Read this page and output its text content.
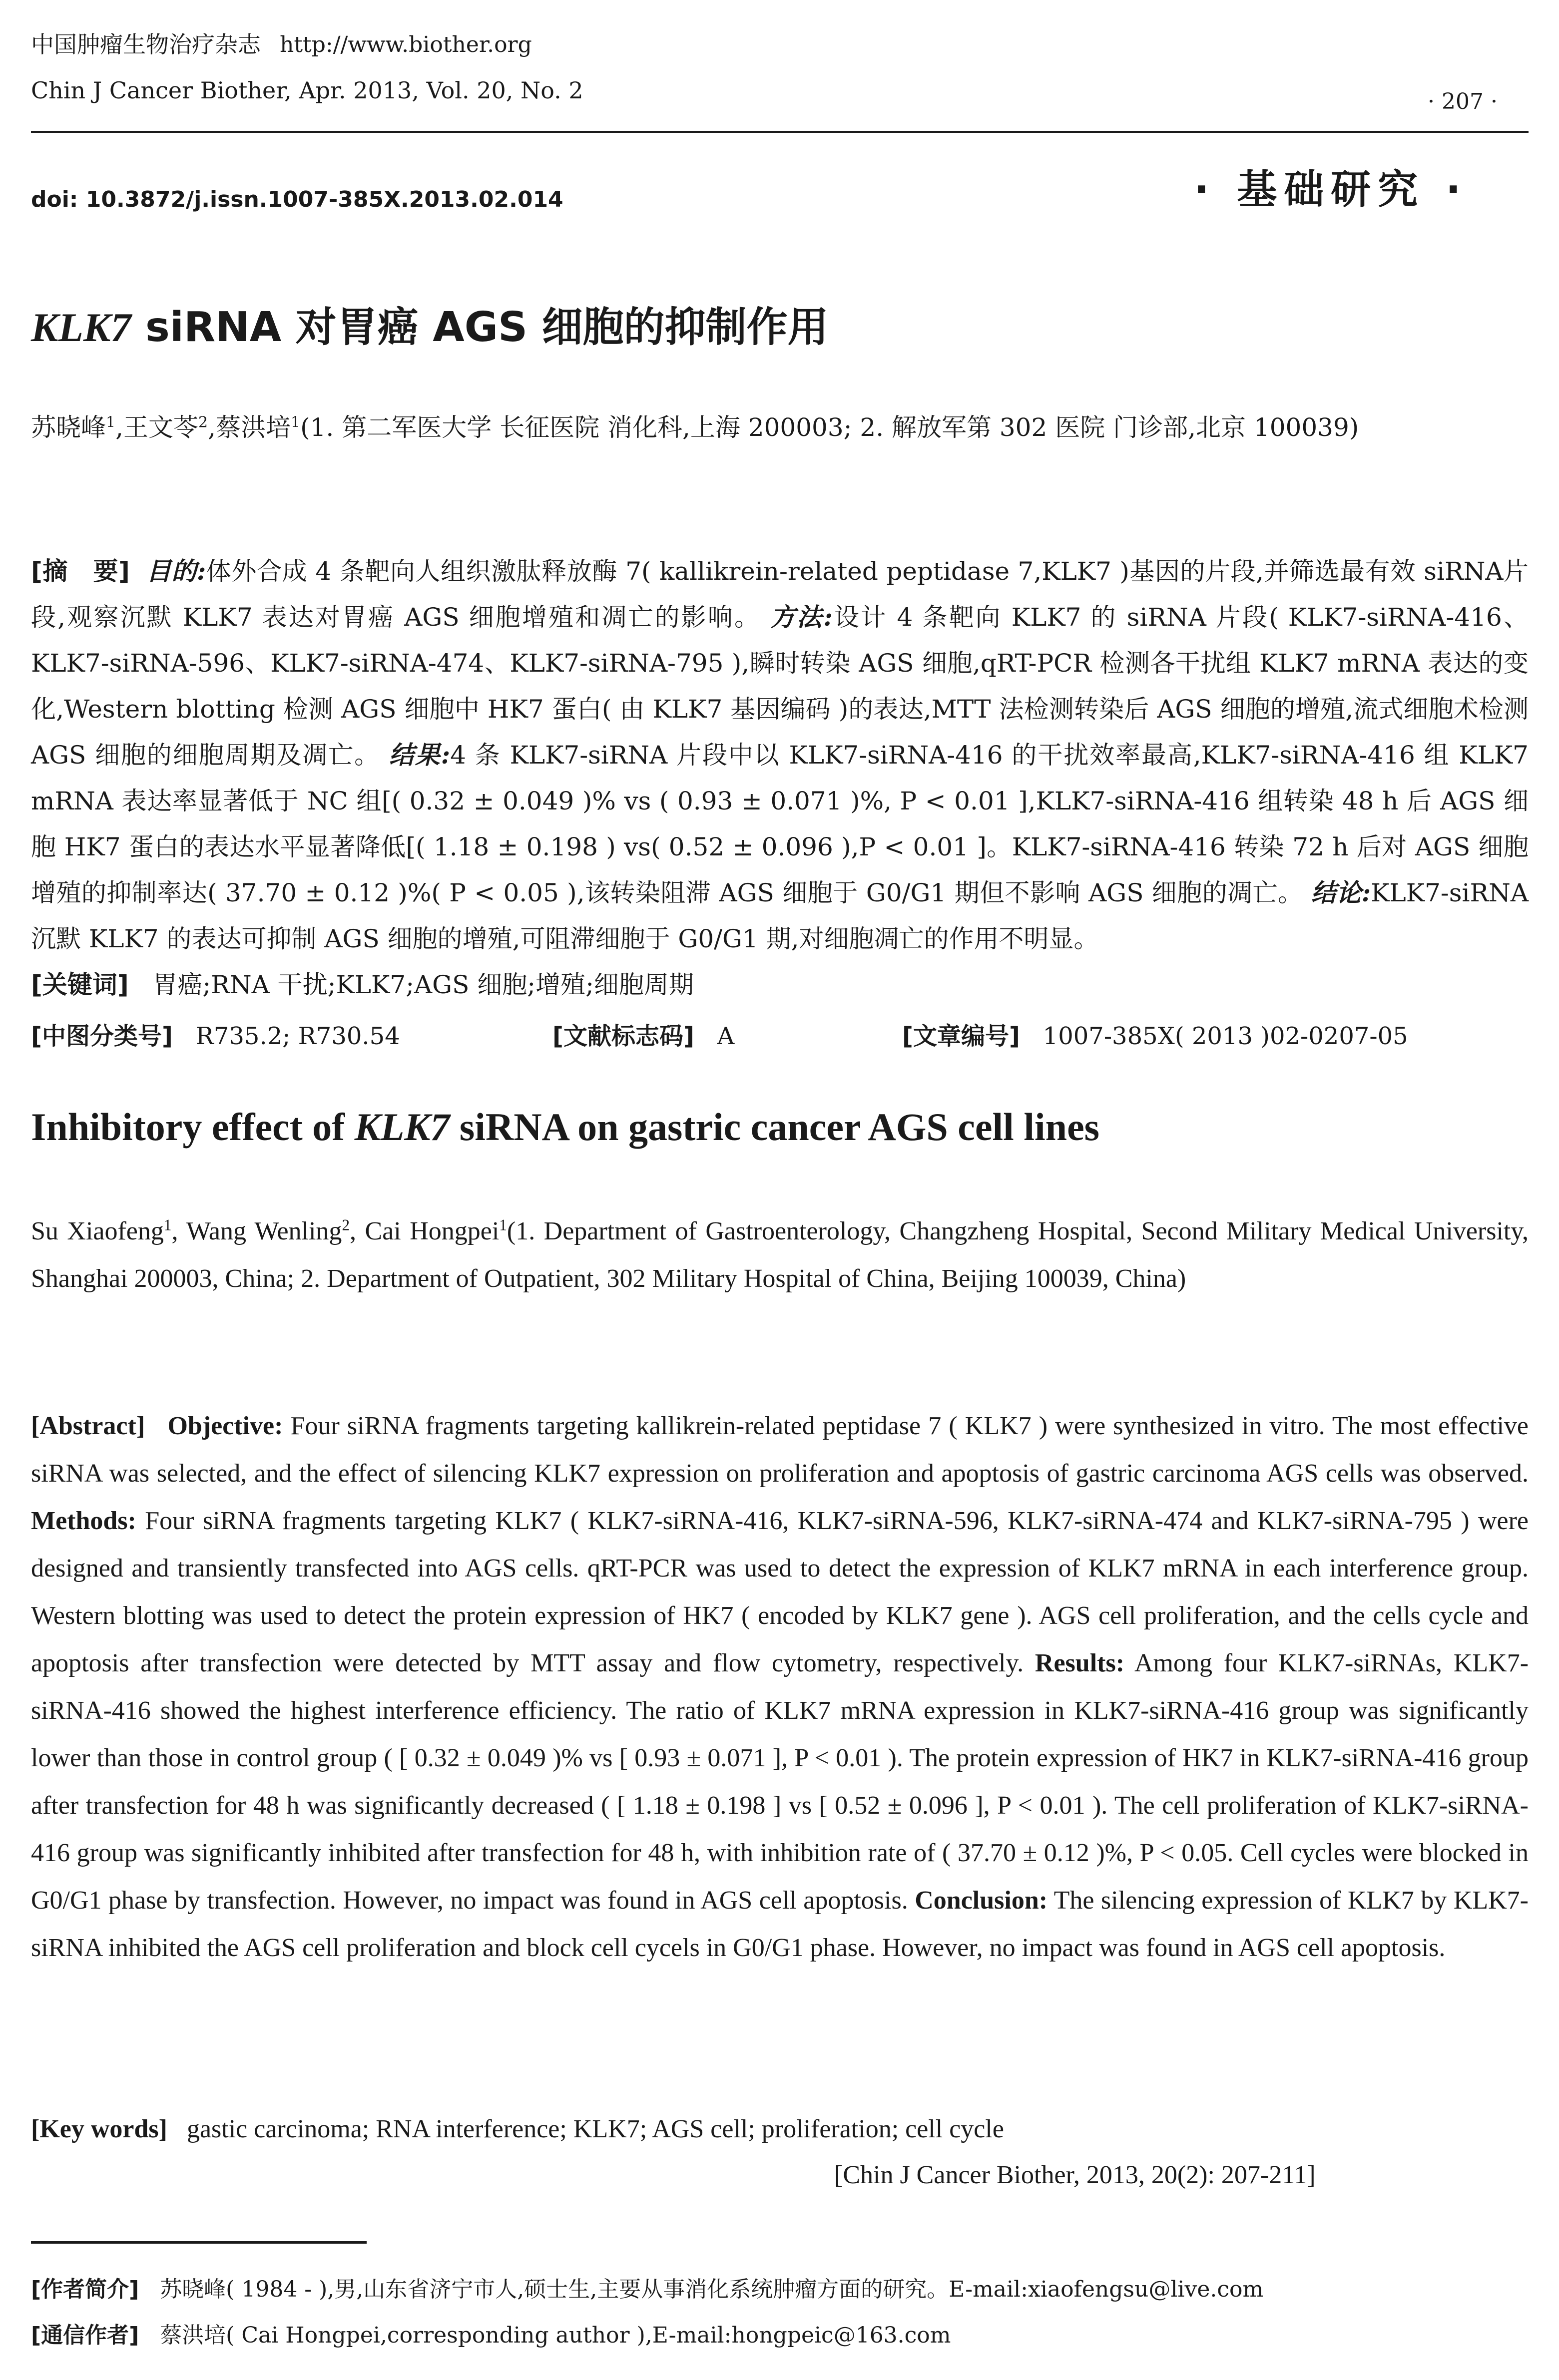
中国肿瘤生物治疗杂志 http://www.biother.org
Chin J Cancer Biother, Apr. 2013, Vol. 20, No. 2	· 207 ·
doi: 10.3872/j.issn.1007-385X.2013.02.014	· 基础研究 ·
KLK7 siRNA 对胃癌 AGS 细胞的抑制作用
苏晓峰$^1$,王文苓$^2$,蔡洪培$^1$(1. 第二军医大学 长征医院 消化科,上海 200003; 2. 解放军第 302 医院 门诊部,北京 100039)
[摘　要] 目的:体外合成 4 条靶向人组织激肽释放酶 7( kallikrein-related peptidase 7,KLK7 )基因的片段,并筛选最有效 siRNA片段,观察沉默 KLK7 表达对胃癌 AGS 细胞增殖和凋亡的影响。 方法:设计 4 条靶向 KLK7 的 siRNA 片段( KLK7-siRNA-416、KLK7-siRNA-596、KLK7-siRNA-474、KLK7-siRNA-795 ),瞬时转染 AGS 细胞,qRT-PCR 检测各干扰组 KLK7 mRNA 表达的变化,Western blotting 检测 AGS 细胞中 HK7 蛋白( 由 KLK7 基因编码 )的表达,MTT 法检测转染后 AGS 细胞的增殖,流式细胞术检测 AGS 细胞的细胞周期及凋亡。 结果:4 条 KLK7-siRNA 片段中以 KLK7-siRNA-416 的干扰效率最高,KLK7-siRNA-416 组 KLK7 mRNA 表达率显著低于 NC 组[( 0.32 ± 0.049 )% vs ( 0.93 ± 0.071 )%, P < 0.01 ],KLK7-siRNA-416 组转染 48 h 后 AGS 细胞 HK7 蛋白的表达水平显著降低[( 1.18 ± 0.198 ) vs( 0.52 ± 0.096 ),P < 0.01 ]。KLK7-siRNA-416 转染 72 h 后对 AGS 细胞增殖的抑制率达( 37.70 ± 0.12 )%( P < 0.05 ),该转染阻滞 AGS 细胞于 G0/G1 期但不影响 AGS 细胞的凋亡。 结论:KLK7-siRNA 沉默 KLK7 的表达可抑制 AGS 细胞的增殖,可阻滞细胞于 G0/G1 期,对细胞凋亡的作用不明显。
[关键词] 胃癌;RNA 干扰;KLK7;AGS 细胞;增殖;细胞周期
[中图分类号] R735.2; R730.54	[文献标志码] A	[文章编号] 1007-385X( 2013 )02-0207-05
Inhibitory effect of KLK7 siRNA on gastric cancer AGS cell lines
Su Xiaofeng$^1$, Wang Wenling$^2$, Cai Hongpei$^1$(1. Department of Gastroenterology, Changzheng Hospital, Second Military Medical University, Shanghai 200003, China; 2. Department of Outpatient, 302 Military Hospital of China, Beijing 100039, China)
[Abstract] Objective: Four siRNA fragments targeting kallikrein-related peptidase 7 ( KLK7 ) were synthesized in vitro. The most effective siRNA was selected, and the effect of silencing KLK7 expression on proliferation and apoptosis of gastric carcinoma AGS cells was observed. Methods: Four siRNA fragments targeting KLK7 ( KLK7-siRNA-416, KLK7-siRNA-596, KLK7-siRNA-474 and KLK7-siRNA-795 ) were designed and transiently transfected into AGS cells. qRT-PCR was used to detect the expression of KLK7 mRNA in each interference group. Western blotting was used to detect the protein expression of HK7 ( encoded by KLK7 gene ). AGS cell proliferation, and the cells cycle and apoptosis after transfection were detected by MTT assay and flow cytometry, respectively. Results: Among four KLK7-siRNAs, KLK7-siRNA-416 showed the highest interference efficiency. The ratio of KLK7 mRNA expression in KLK7-siRNA-416 group was significantly lower than those in control group ( [ 0.32 ± 0.049 )% vs [ 0.93 ± 0.071 ], P < 0.01 ). The protein expression of HK7 in KLK7-siRNA-416 group after transfection for 48 h was significantly decreased ( [ 1.18 ± 0.198 ] vs [ 0.52 ± 0.096 ], P < 0.01 ). The cell proliferation of KLK7-siRNA-416 group was significantly inhibited after transfection for 48 h, with inhibition rate of ( 37.70 ± 0.12 )%, P < 0.05. Cell cycles were blocked in G0/G1 phase by transfection. However, no impact was found in AGS cell apoptosis. Conclusion: The silencing expression of KLK7 by KLK7-siRNA inhibited the AGS cell proliferation and block cell cycels in G0/G1 phase. However, no impact was found in AGS cell apoptosis.
[Key words] gastic carcinoma; RNA interference; KLK7; AGS cell; proliferation; cell cycle
[Chin J Cancer Biother, 2013, 20(2): 207-211]
[作者简介] 苏晓峰( 1984 - ),男,山东省济宁市人,硕士生,主要从事消化系统肿瘤方面的研究。E-mail:xiaofengsu@live.com
[通信作者] 蔡洪培( Cai Hongpei,corresponding author ),E-mail:hongpeic@163.com
